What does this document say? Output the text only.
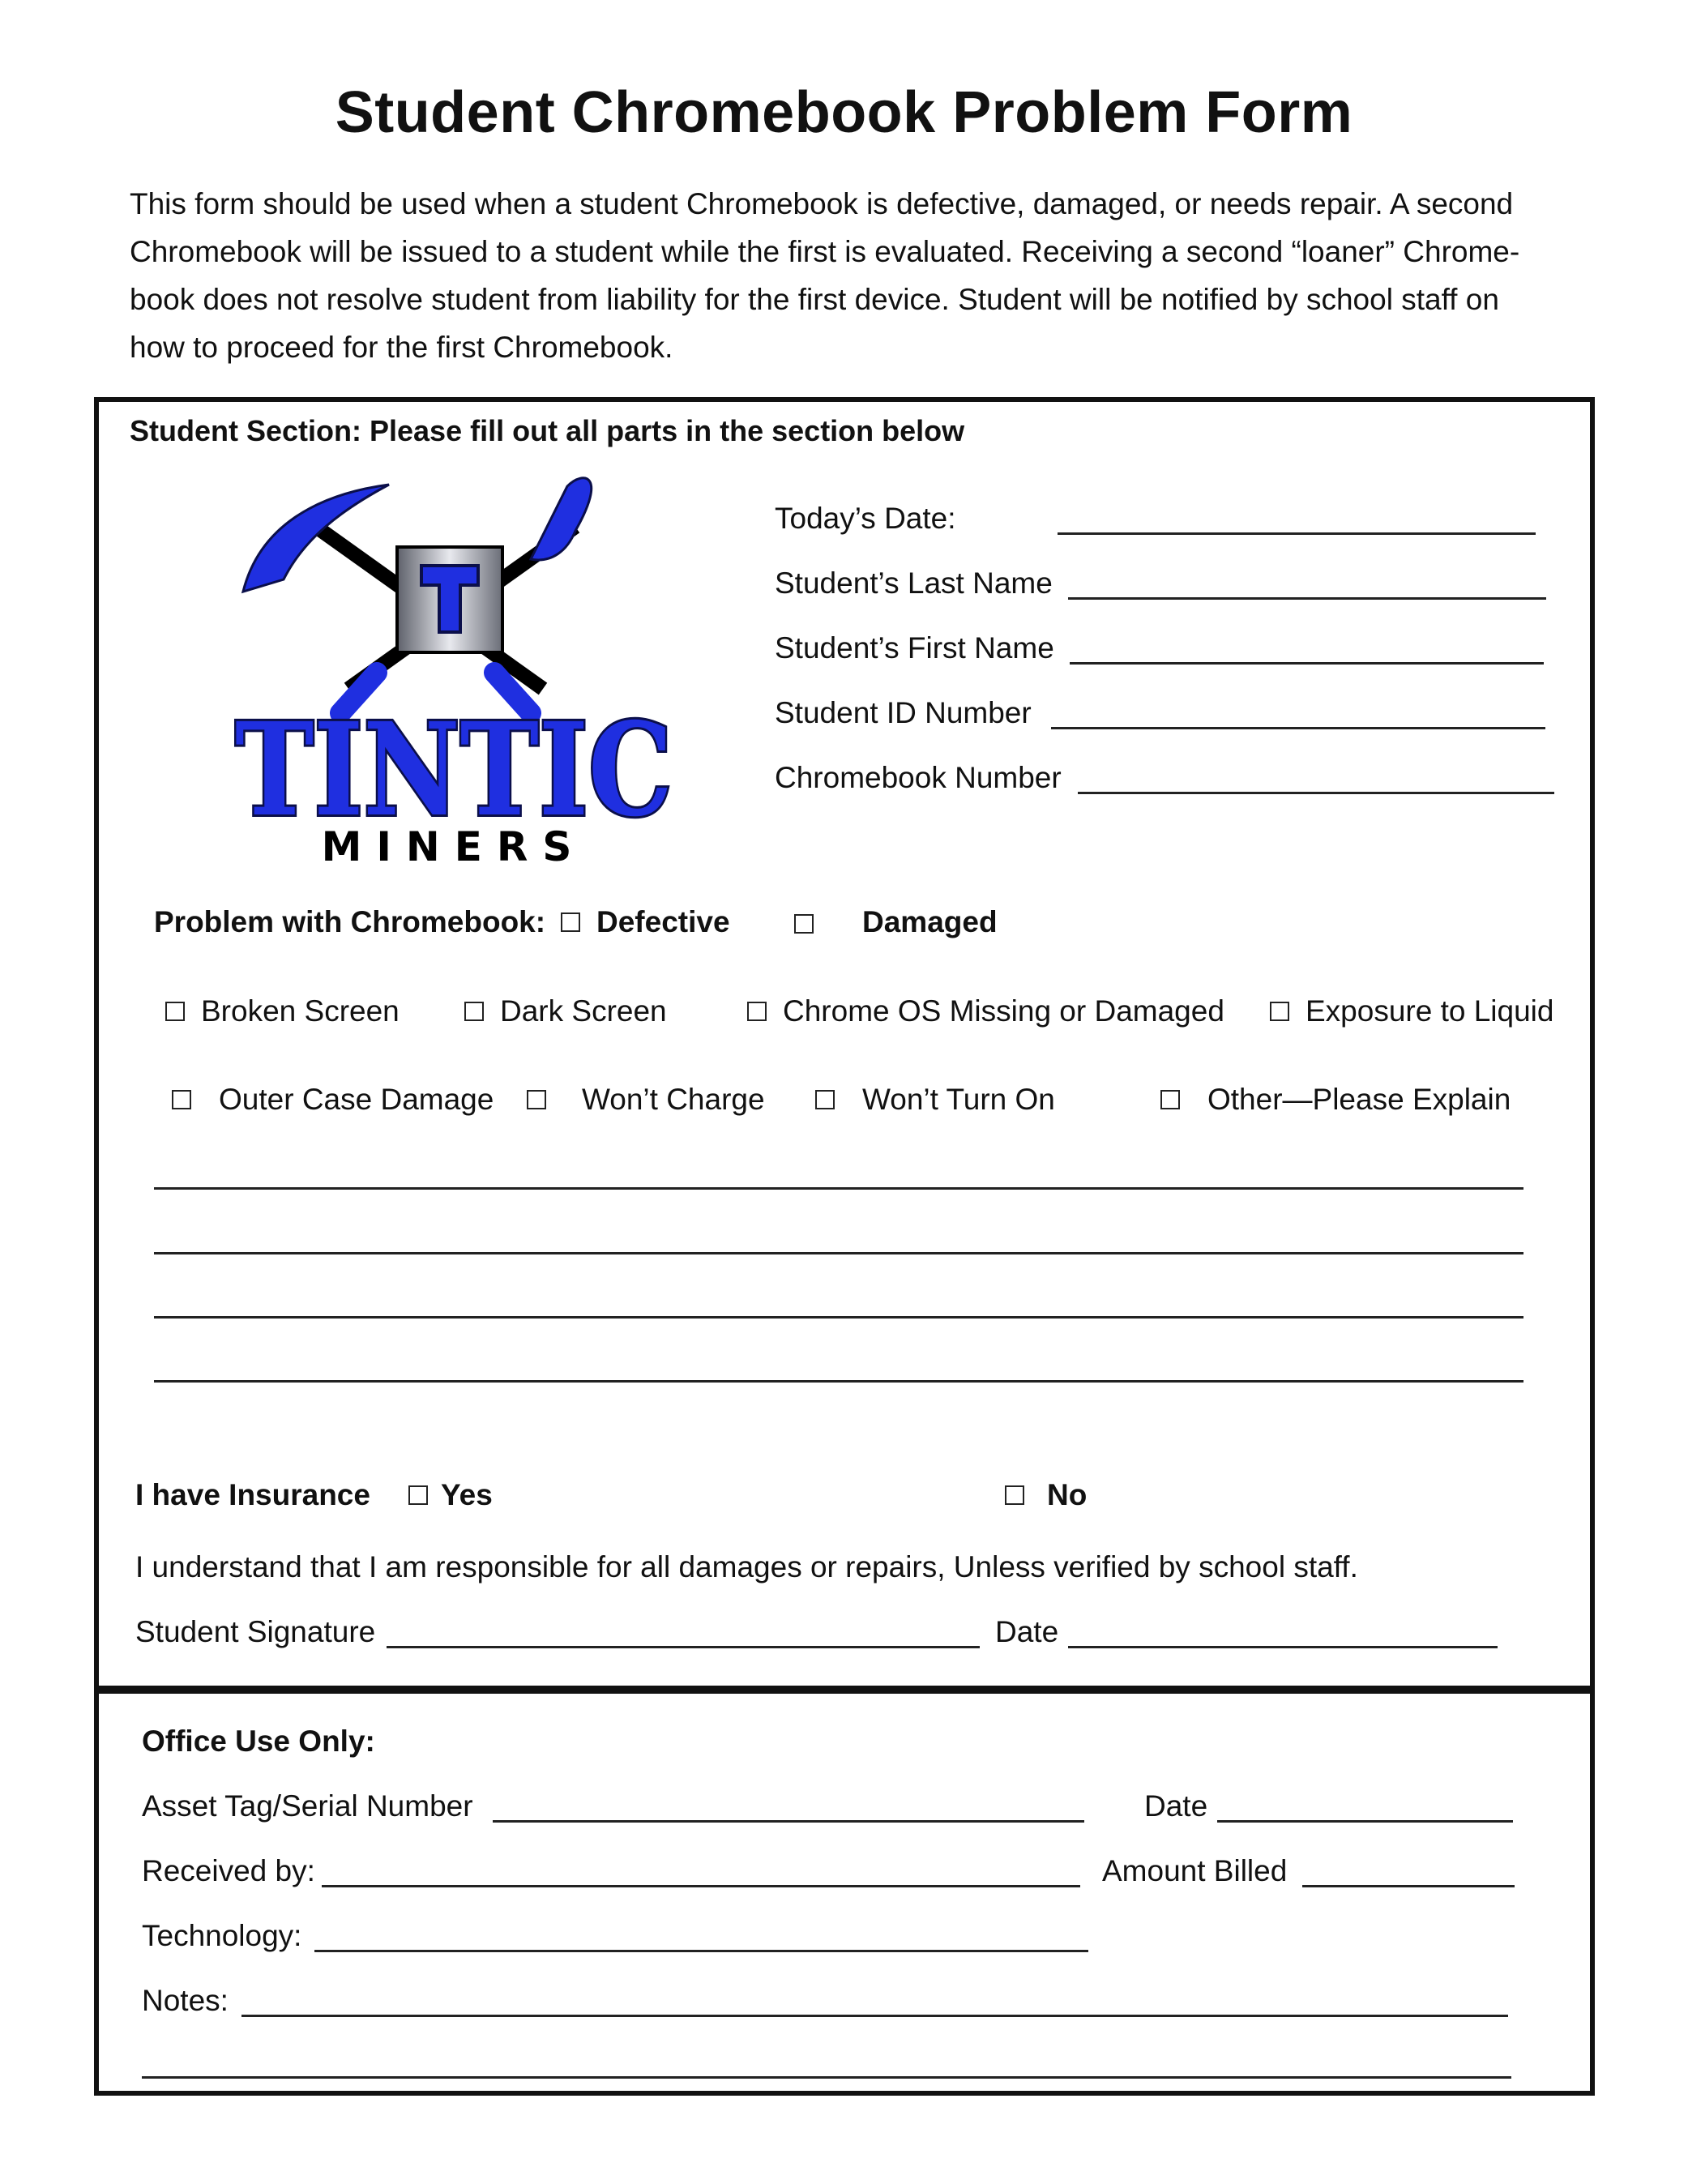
Student Chromebook Problem Form
This form should be used when a student Chromebook is defective, damaged, or needs repair. A second Chromebook will be issued to a student while the first is evaluated. Receiving a second “loaner” Chrome-book does not resolve student from liability for the first device. Student will be notified by school staff on how to proceed for the first Chromebook.
Student Section: Please fill out all parts in the section below
TINTIC
MINERS
Today’s Date:
Student’s Last Name
Student’s First Name
Student ID Number
Chromebook Number
Problem with Chromebook: Defective	Damaged
Broken Screen	Dark Screen	Chrome OS Missing or Damaged	Exposure to Liquid
Outer Case Damage	Won’t Charge	Won’t Turn On	Other—Please Explain
I have Insurance Yes	No
I understand that I am responsible for all damages or repairs, Unless verified by school staff.
Student Signature	Date
Office Use Only:
Asset Tag/Serial Number	Date
Received by:	Amount Billed
Technology:
Notes:
